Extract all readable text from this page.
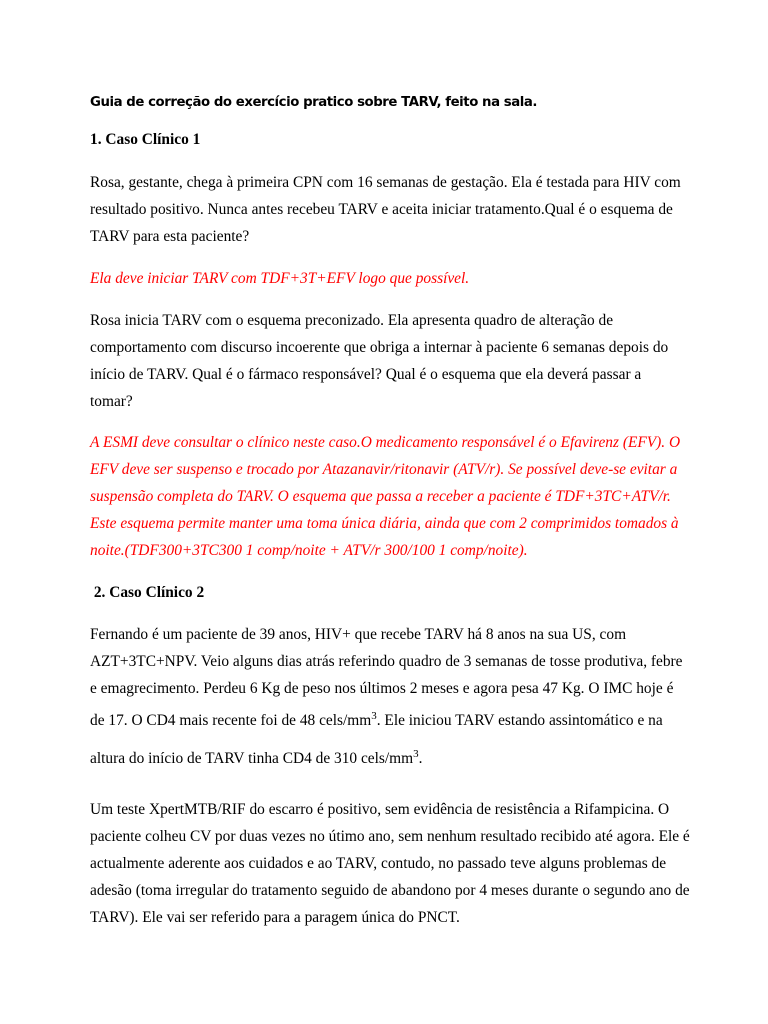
Guia de correção do exercício pratico sobre TARV, feito na sala.

1. Caso Clínico 1

Rosa, gestante, chega à primeira CPN com 16 semanas de gestação. Ela é testada para HIV com
resultado positivo. Nunca antes recebeu TARV e aceita iniciar tratamento.Qual é o esquema de
TARV para esta paciente?

Ela deve iniciar TARV com TDF+3T+EFV logo que possível.

Rosa inicia TARV com o esquema preconizado. Ela apresenta quadro de alteração de
comportamento com discurso incoerente que obriga a internar à paciente 6 semanas depois do
início de TARV. Qual é o fármaco responsável? Qual é o esquema que ela deverá passar a
tomar?
A ESMI deve consultar o clínico neste caso.O medicamento responsável é o Efavirenz (EFV). O
EFV deve ser suspenso e trocado por Atazanavir/ritonavir (ATV/r). Se possível deve-se evitar a
suspensão completa do TARV. O esquema que passa a receber a paciente é TDF+3TC+ATV/r.
Este esquema permite manter uma toma única diária, ainda que com 2 comprimidos tomados à
noite.(TDF300+3TC300 1 comp/noite + ATV/r 300/100 1 comp/noite).

2. Caso Clínico 2

Fernando é um paciente de 39 anos, HIV+ que recebe TARV há 8 anos na sua US, com
AZT+3TC+NPV. Veio alguns dias atrás referindo quadro de 3 semanas de tosse produtiva, febre
e emagrecimento. Perdeu 6 Kg de peso nos últimos 2 meses e agora pesa 47 Kg. O IMC hoje é
de 17. O CD4 mais recente foi de 48 cels/$mm^3$. Ele iniciou TARV estando assintomático e na
altura do início de TARV tinha CD4 de 310 cels/$mm^3$.
Um teste XpertMTB/RIF do escarro é positivo, sem evidência de resistência a Rifampicina. O
paciente colheu CV por duas vezes no útimo ano, sem nenhum resultado recibido até agora. Ele é
actualmente aderente aos cuidados e ao TARV, contudo, no passado teve alguns problemas de
adesão (toma irregular do tratamento seguido de abandono por 4 meses durante o segundo ano de
TARV). Ele vai ser referido para a paragem única do PNCT.
